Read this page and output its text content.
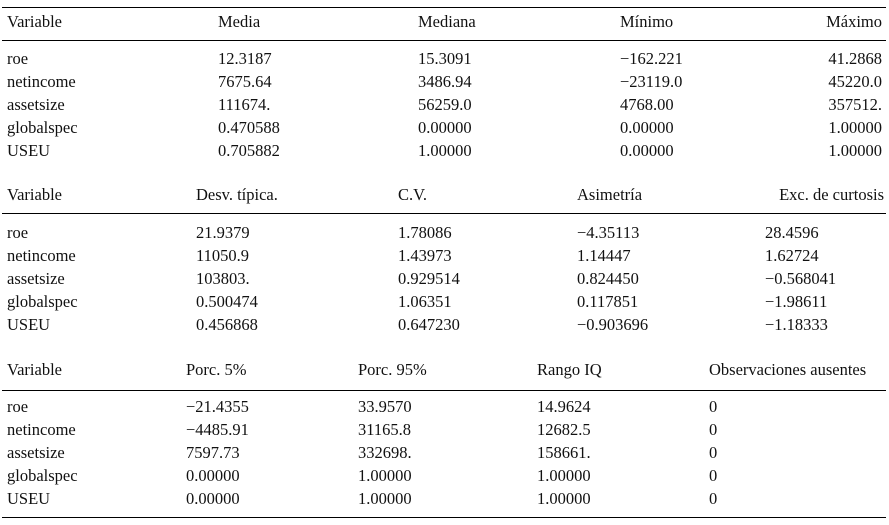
Variable	Media	Mediana	Mínimo	Máximo
roe	12.3187	15.3091	−162.221	41.2868
netincome	7675.64	3486.94	−23119.0	45220.0
assetsize	111674.	56259.0	4768.00	357512.
globalspec	0.470588	0.00000	0.00000	1.00000
USEU	0.705882	1.00000	0.00000	1.00000
Variable	Desv. típica.	C.V.	Asimetría	Exc. de curtosis
roe	21.9379	1.78086	−4.35113	28.4596
netincome	11050.9	1.43973	1.14447	1.62724
assetsize	103803.	0.929514	0.824450	−0.568041
globalspec	0.500474	1.06351	0.117851	−1.98611
USEU	0.456868	0.647230	−0.903696	−1.18333
Variable	Porc. 5%	Porc. 95%	Rango IQ	Observaciones ausentes
roe	−21.4355	33.9570	14.9624	0
netincome	−4485.91	31165.8	12682.5	0
assetsize	7597.73	332698.	158661.	0
globalspec	0.00000	1.00000	1.00000	0
USEU	0.00000	1.00000	1.00000	0
